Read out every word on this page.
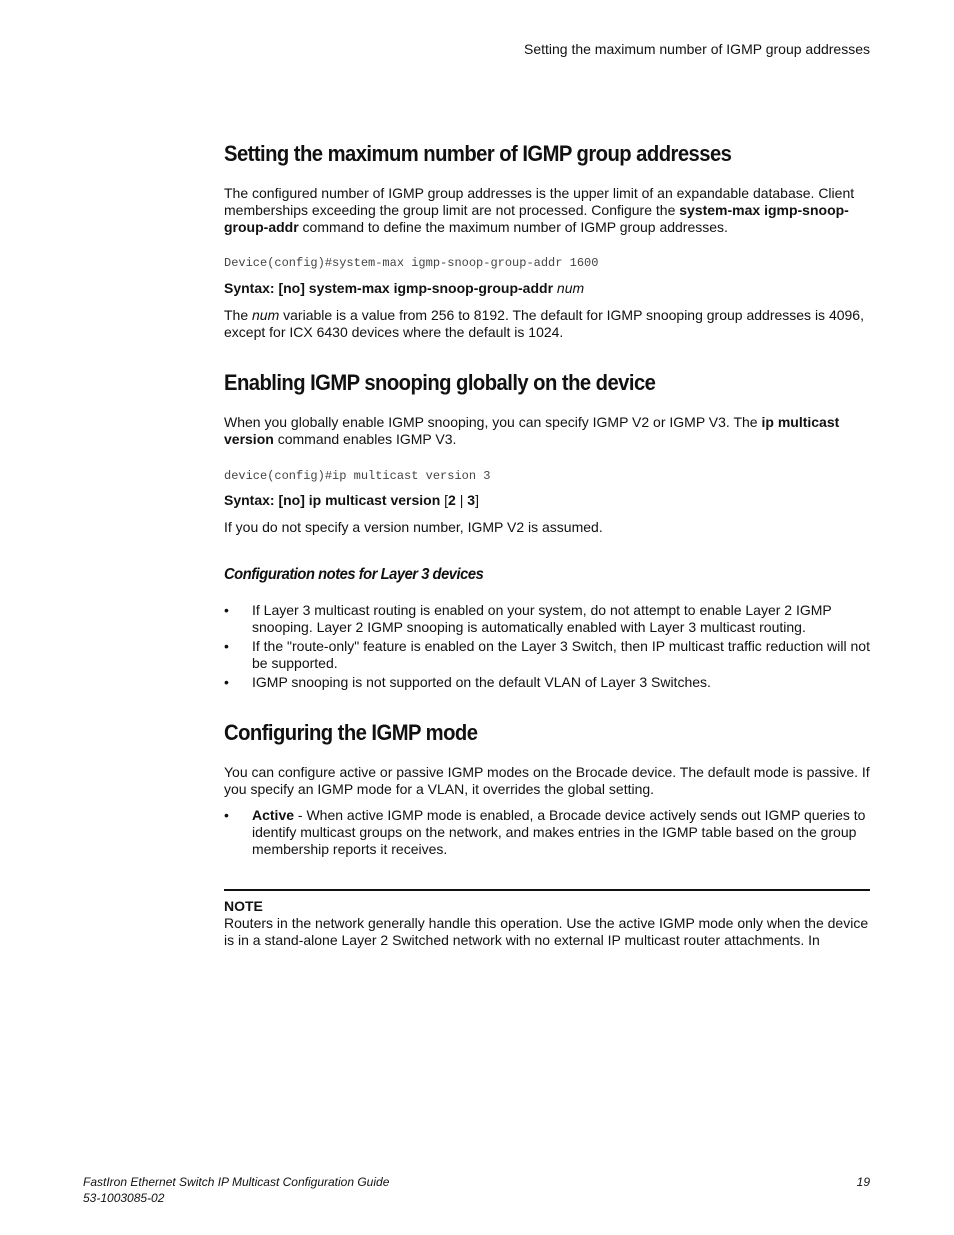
Setting the maximum number of IGMP group addresses
Setting the maximum number of IGMP group addresses

The configured number of IGMP group addresses is the upper limit of an expandable database. Client memberships exceeding the group limit are not processed. Configure the system-max igmp-snoop-group-addr command to define the maximum number of IGMP group addresses.

Device(config)#system-max igmp-snoop-group-addr 1600

Syntax: [no] system-max igmp-snoop-group-addr num

The num variable is a value from 256 to 8192. The default for IGMP snooping group addresses is 4096, except for ICX 6430 devices where the default is 1024.

Enabling IGMP snooping globally on the device

When you globally enable IGMP snooping, you can specify IGMP V2 or IGMP V3. The ip multicast version command enables IGMP V3.

device(config)#ip multicast version 3

Syntax: [no] ip multicast version [2 | 3]

If you do not specify a version number, IGMP V2 is assumed.

Configuration notes for Layer 3 devices
• If Layer 3 multicast routing is enabled on your system, do not attempt to enable Layer 2 IGMP snooping. Layer 2 IGMP snooping is automatically enabled with Layer 3 multicast routing.
• If the "route-only" feature is enabled on the Layer 3 Switch, then IP multicast traffic reduction will not be supported.
• IGMP snooping is not supported on the default VLAN of Layer 3 Switches.
Configuring the IGMP mode

You can configure active or passive IGMP modes on the Brocade device. The default mode is passive. If you specify an IGMP mode for a VLAN, it overrides the global setting.

• Active - When active IGMP mode is enabled, a Brocade device actively sends out IGMP queries to identify multicast groups on the network, and makes entries in the IGMP table based on the group membership reports it receives.

NOTE

Routers in the network generally handle this operation. Use the active IGMP mode only when the device is in a stand-alone Layer 2 Switched network with no external IP multicast router attachments. In

FastIron Ethernet Switch IP Multicast Configuration Guide
53-1003085-02
19
